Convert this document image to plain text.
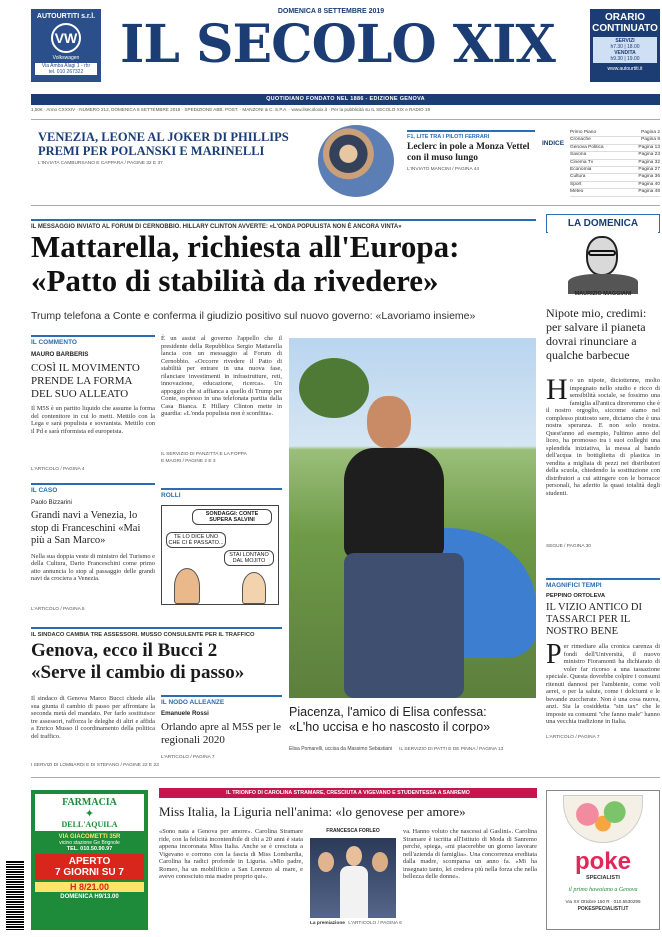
AUTOURTITI s.r.l.
VW
Volkswagen
Via Amba Alagi 1 - rhr
tel. 010 267322
DOMENICA 8 SETTEMBRE 2019
IL SECOLO XIX	ORARIO CONTINUATO
SERVIZI
h7.30 | 18.00
VENDITA
h9.30 | 19.00
www.autourtiti.it
QUOTIDIANO FONDATO NEL 1886 - EDIZIONE GENOVA
1,50€ · Anno CXXXIV · NUMERO 212, DOMENICA 8 SETTEMBRE 2019 · SPEDIZIONE ABB. POST. · MANZONI & C. S.P.A. · www.ilsecoloxix.it · Per la pubblicità su IL SECOLO XIX e RADIO 19
VENEZIA, LEONE AL JOKER DI PHILLIPS PREMI PER POLANSKI E MARINELLI
L'INVIATA CAMBURSANO E CAPPARA / PAGINE 32 E 37
F1, LITE TRA I PILOTI FERRARI
Leclerc in pole a Monza Vettel con il muso lungo
L'INVIATO MANCINI / PAGINA 44
INDICE
Primo Piano	Pagina 2
Cronache	Pagina 8
Genova Politica	Pagina 13
Savona	Pagina 23
Cinema Tv	Pagina 32
Economia	Pagina 27
Cultura	Pagina 36
Sport	Pagina 40
Meteo	Pagina 48
IL MESSAGGIO INVIATO AL FORUM DI CERNOBBIO. HILLARY CLINTON AVVERTE: «L'ONDA POPULISTA NON È ANCORA VINTA»
Mattarella, richiesta all'Europa:
«Patto di stabilità da rivedere»
Trump telefona a Conte e conferma il giudizio positivo sul nuovo governo: «Lavoriamo insieme»
IL COMMENTO
MAURO BARBERIS
COSÌ IL MOVIMENTO PRENDE LA FORMA DEL SUO ALLEATO
Il M5S è un partito liquido che assume la forma del contenitore in cui lo metti. Mettilo con la Lega e sarà populista e sovranista. Mettilo con il Pd e sarà riformista ed europeista.
L'ARTICOLO / PAGINA 4
È un assist al governo l'appello che il presidente della Repubblica Sergio Mattarella lancia con un messaggio al Forum di Cernobbio. «Occorre rivedere il Patto di stabilità per entrare in una nuova fase, rilanciare investimenti in infrastrutture, reti, innovazione, educazione, ricerca». Un appoggio che si affianca a quello di Trump per Conte, espresso in una telefonata partita dalla Casa Bianca. E Hillary Clinton mette in guardia: «L'onda populista non è sconfitta».
IL SERVIZIO DI PANZITTA E LA FOPPA
E MAGRI / PAGINE 2 E 3
IL CASO
Paolo Bizzarini
Grandi navi a Venezia, lo stop di Franceschini «Mai più a San Marco»
Nella sua doppia veste di ministro del Turismo e della Cultura, Dario Franceschini come primo atto annuncia lo stop al passaggio delle grandi navi da crociera a Venezia.
L'ARTICOLO / PAGINA 5
ROLLI
SONDAGGI: CONTE SUPERA SALVINI
TE LO DICE UNO CHE CI È PASSATO...
STAI LONTANO DAL MOJITO
Piacenza, l'amico di Elisa confessa:
«L'ho uccisa e ho nascosto il corpo»
Elisa Pomarelli, uccisa da Massimo Sebastiani IL SERVIZIO DI PATTI E DE PINNA / PAGINA 13
IL SINDACO CAMBIA TRE ASSESSORI. MUSSO CONSULENTE PER IL TRAFFICO
Genova, ecco il Bucci 2
«Serve il cambio di passo»
Il sindaco di Genova Marco Bucci chiede alla sua giunta il cambio di passo per affrontare la seconda metà del mandato. Per farlo sostituisce tre assessori, rafforza le deleghe di altri e affida a Enrico Musso il coordinamento della politica del traffico.
I SERVIZI DI LOMBARDI E DI STEFANO / PAGINE 22 E 23
IL NODO ALLEANZE
Emanuele Rossi
Orlando apre al M5S per le regionali 2020
L'ARTICOLO / PAGINA 7
LA DOMENICA
MAURIZIO MAGGIANI
Nipote mio, credimi: per salvare il pianeta dovrai rinunciare a qualche barbecue
H o un nipote, diciottenne, molto impegnato nello studio e ricco di sensibilità sociale, se fossimo una famiglia all'antica direremmo che è il nostro orgoglio, siccome siamo nel complesso piuttosto sere, diciamo che è una nostra speranza. E non solo nostra. Quest'anno ad esempio, l'ultimo anno del liceo, ha promosso tra i suoi colleghi una splendida iniziativa, la messa al bando dell'acqua in bottiglietta di plastica in vendita a migliaia di pezzi nei distributori della scuola, chiedendo la sostituzione con distributori a cui attingere con le borracce personali, ha aderito la quasi totalità degli studenti.
SEGUE / PAGINA 30
MAGNIFICI TEMPI
PEPPINO ORTOLEVA
IL VIZIO ANTICO DI TASSARCI PER IL NOSTRO BENE
P er rimediare alla cronica carenza di fondi dell'Università, il nuovo ministro Fioramonti ha dichiarato di voler far ricorso a una tassazione speciale. Questa dovrebbe colpire i consumi ritenuti dannosi per l'ambiente, come voli aerei, o per la salute, come i dolciumi e le bevande zuccherate. Non è una cosa nuova, anzi. Sia la cosiddetta "sin tax" che le imposte su consumi "che fanno male" hanno una vecchia tradizione in Italia.
L'ARTICOLO / PAGINA 7
FARMACIA
✦
DELL'AQUILA
VIA GIACOMETTI 35R
vicino stazione Ge Brignole
TEL. 010.50.90.97
APERTO
7 GIORNI SU 7
H 8/21.00
DOMENICA H9/13.00
IL TRIONFO DI CAROLINA STRAMARE, CRESCIUTA A VIGEVANO E STUDENTESSA A SANREMO
Miss Italia, la Liguria nell'anima: «lo genovese per amore»
«Sono nata a Genova per amore». Carolina Stramare ride, con la felicità incontenibile di chi a 20 anni è stata appena incoronata Miss Italia. Anche se è cresciuta a Vigevano e corrono con la fascia di Miss Lombardia, Carolina ha radici profonde in Liguria. «Mio padre, Romeo, ha un mobilificio a San Lorenzo al mare, e avevo conosciuto mia madre proprio qui».
FRANCESCA FORLEO
La premiazione L'ARTICOLO / PAGINA 6
va. Hanno voluto che nascessi al Gaslini». Carolina Stramare è iscritta all'Istituto di Moda di Sanremo perché, spiega, «mi piacerebbe un giorno lavorare nell'azienda di famiglia». Una concorrenza ereditata dalla madre, scomparsa un anno fa. «Mi ha insegnato tanto, lei credeva più nella forza che nella bellezza delle donne».
poke
SPECIALISTI
il primo hawaiano a Genova
Via XX Ottobre 150 R · 010.5530295
POKESPECIALISTI.IT
